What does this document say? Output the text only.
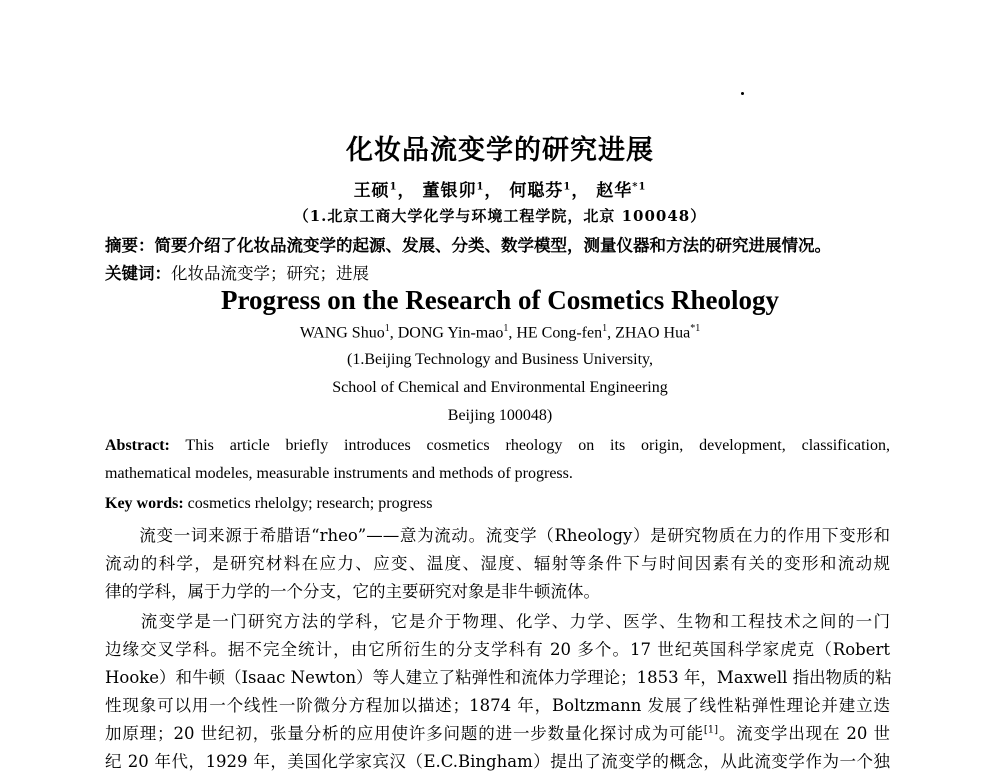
化妆品流变学的研究进展
王硕$^1$， 董银卯$^1$， 何聪芬$^1$， 赵华$^{*1}$
（1.北京工商大学化学与环境工程学院，北京 100048）
摘要：简要介绍了化妆品流变学的起源、发展、分类、数学模型，测量仪器和方法的研究进展情况。
关键词：化妆品流变学；研究；进展
Progress on the Research of Cosmetics Rheology
WANG Shuo$^1$, DONG Yin-mao$^1$, HE Cong-fen$^1$, ZHAO Hua$^{*1}$
(1.Beijing Technology and Business University,
School of Chemical and Environmental Engineering
Beijing 100048)
Abstract: This article briefly introduces cosmetics rheology on its origin, development, classification,
mathematical modeles, measurable instruments and methods of progress.
Key words: cosmetics rhelolgy; research; progress
　　流变一词来源于希腊语“rheo”——意为流动。流变学（Rheology）是研究物质在力的作用下变形和
流动的科学，是研究材料在应力、应变、温度、湿度、辐射等条件下与时间因素有关的变形和流动规
律的学科，属于力学的一个分支，它的主要研究对象是非牛顿流体。
　　流变学是一门研究方法的学科，它是介于物理、化学、力学、医学、生物和工程技术之间的一门
边缘交叉学科。据不完全统计，由它所衍生的分支学科有 20 多个。17 世纪英国科学家虎克（Robert
Hooke）和牛顿（Isaac Newton）等人建立了粘弹性和流体力学理论；1853 年，Maxwell 指出物质的粘
性现象可以用一个线性一阶微分方程加以描述；1874 年，Boltzmann 发展了线性粘弹性理论并建立迭
加原理；20 世纪初，张量分析的应用使许多问题的进一步数量化探讨成为可能[1]。流变学出现在 20 世
纪 20 年代，1929 年，美国化学家宾汉（E.C.Bingham）提出了流变学的概念，从此流变学作为一个独
